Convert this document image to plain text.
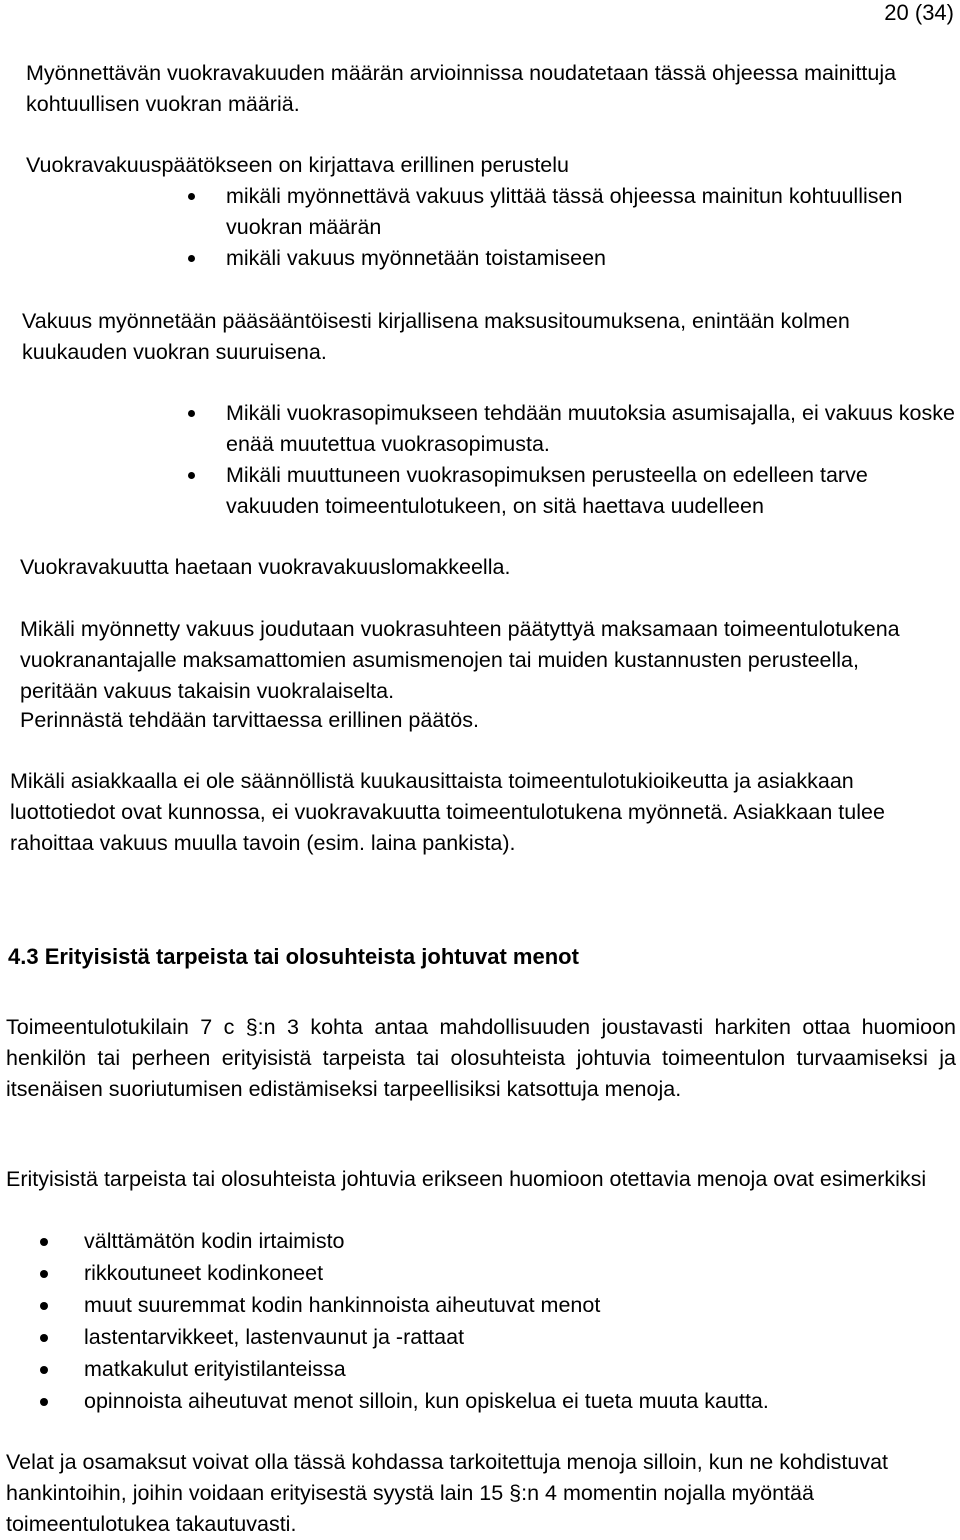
20 (34)
Myönnettävän vuokravakuuden määrän arvioinnissa noudatetaan tässä ohjeessa mainittuja kohtuullisen vuokran määriä.
Vuokravakuuspäätökseen on kirjattava erillinen perustelu
mikäli myönnettävä vakuus ylittää tässä ohjeessa mainitun kohtuullisen vuokran määrän
mikäli vakuus myönnetään toistamiseen
Vakuus myönnetään pääsääntöisesti kirjallisena maksusitoumuksena, enintään kolmen kuukauden vuokran suuruisena.
Mikäli vuokrasopimukseen tehdään muutoksia asumisajalla, ei vakuus koske enää muutettua vuokrasopimusta.
Mikäli muuttuneen vuokrasopimuksen perusteella on edelleen tarve vakuuden toimeentulotukeen, on sitä haettava uudelleen
Vuokravakuutta haetaan vuokravakuuslomakkeella.
Mikäli myönnetty vakuus joudutaan vuokrasuhteen päätyttyä maksamaan toimeentulotukena vuokranantajalle maksamattomien asumismenojen tai muiden kustannusten perusteella, peritään vakuus takaisin vuokralaiselta.
Perinnästä tehdään tarvittaessa erillinen päätös.
Mikäli asiakkaalla ei ole säännöllistä kuukausittaista toimeentulotukioikeutta ja asiakkaan luottotiedot ovat kunnossa, ei vuokravakuutta toimeentulotukena myönnetä. Asiakkaan tulee rahoittaa vakuus muulla tavoin (esim. laina pankista).
4.3 Erityisistä tarpeista tai olosuhteista johtuvat menot
Toimeentulotukilain 7 c §:n 3 kohta antaa mahdollisuuden joustavasti harkiten ottaa huomioon henkilön tai perheen erityisistä tarpeista tai olosuhteista johtuvia toimeentulon turvaamiseksi ja itsenäisen suoriutumisen edistämiseksi tarpeellisiksi katsottuja menoja.
Erityisistä tarpeista tai olosuhteista johtuvia erikseen huomioon otettavia menoja ovat esimerkiksi
välttämätön kodin irtaimisto
rikkoutuneet kodinkoneet
muut suuremmat kodin hankinnoista aiheutuvat menot
lastentarvikkeet, lastenvaunut ja -rattaat
matkakulut erityistilanteissa
opinnoista aiheutuvat menot silloin, kun opiskelua ei tueta muuta kautta.
Velat ja osamaksut voivat olla tässä kohdassa tarkoitettuja menoja silloin, kun ne kohdistuvat hankintoihin, joihin voidaan erityisestä syystä lain 15 §:n 4 momentin nojalla myöntää toimeentulotukea takautuvasti.
